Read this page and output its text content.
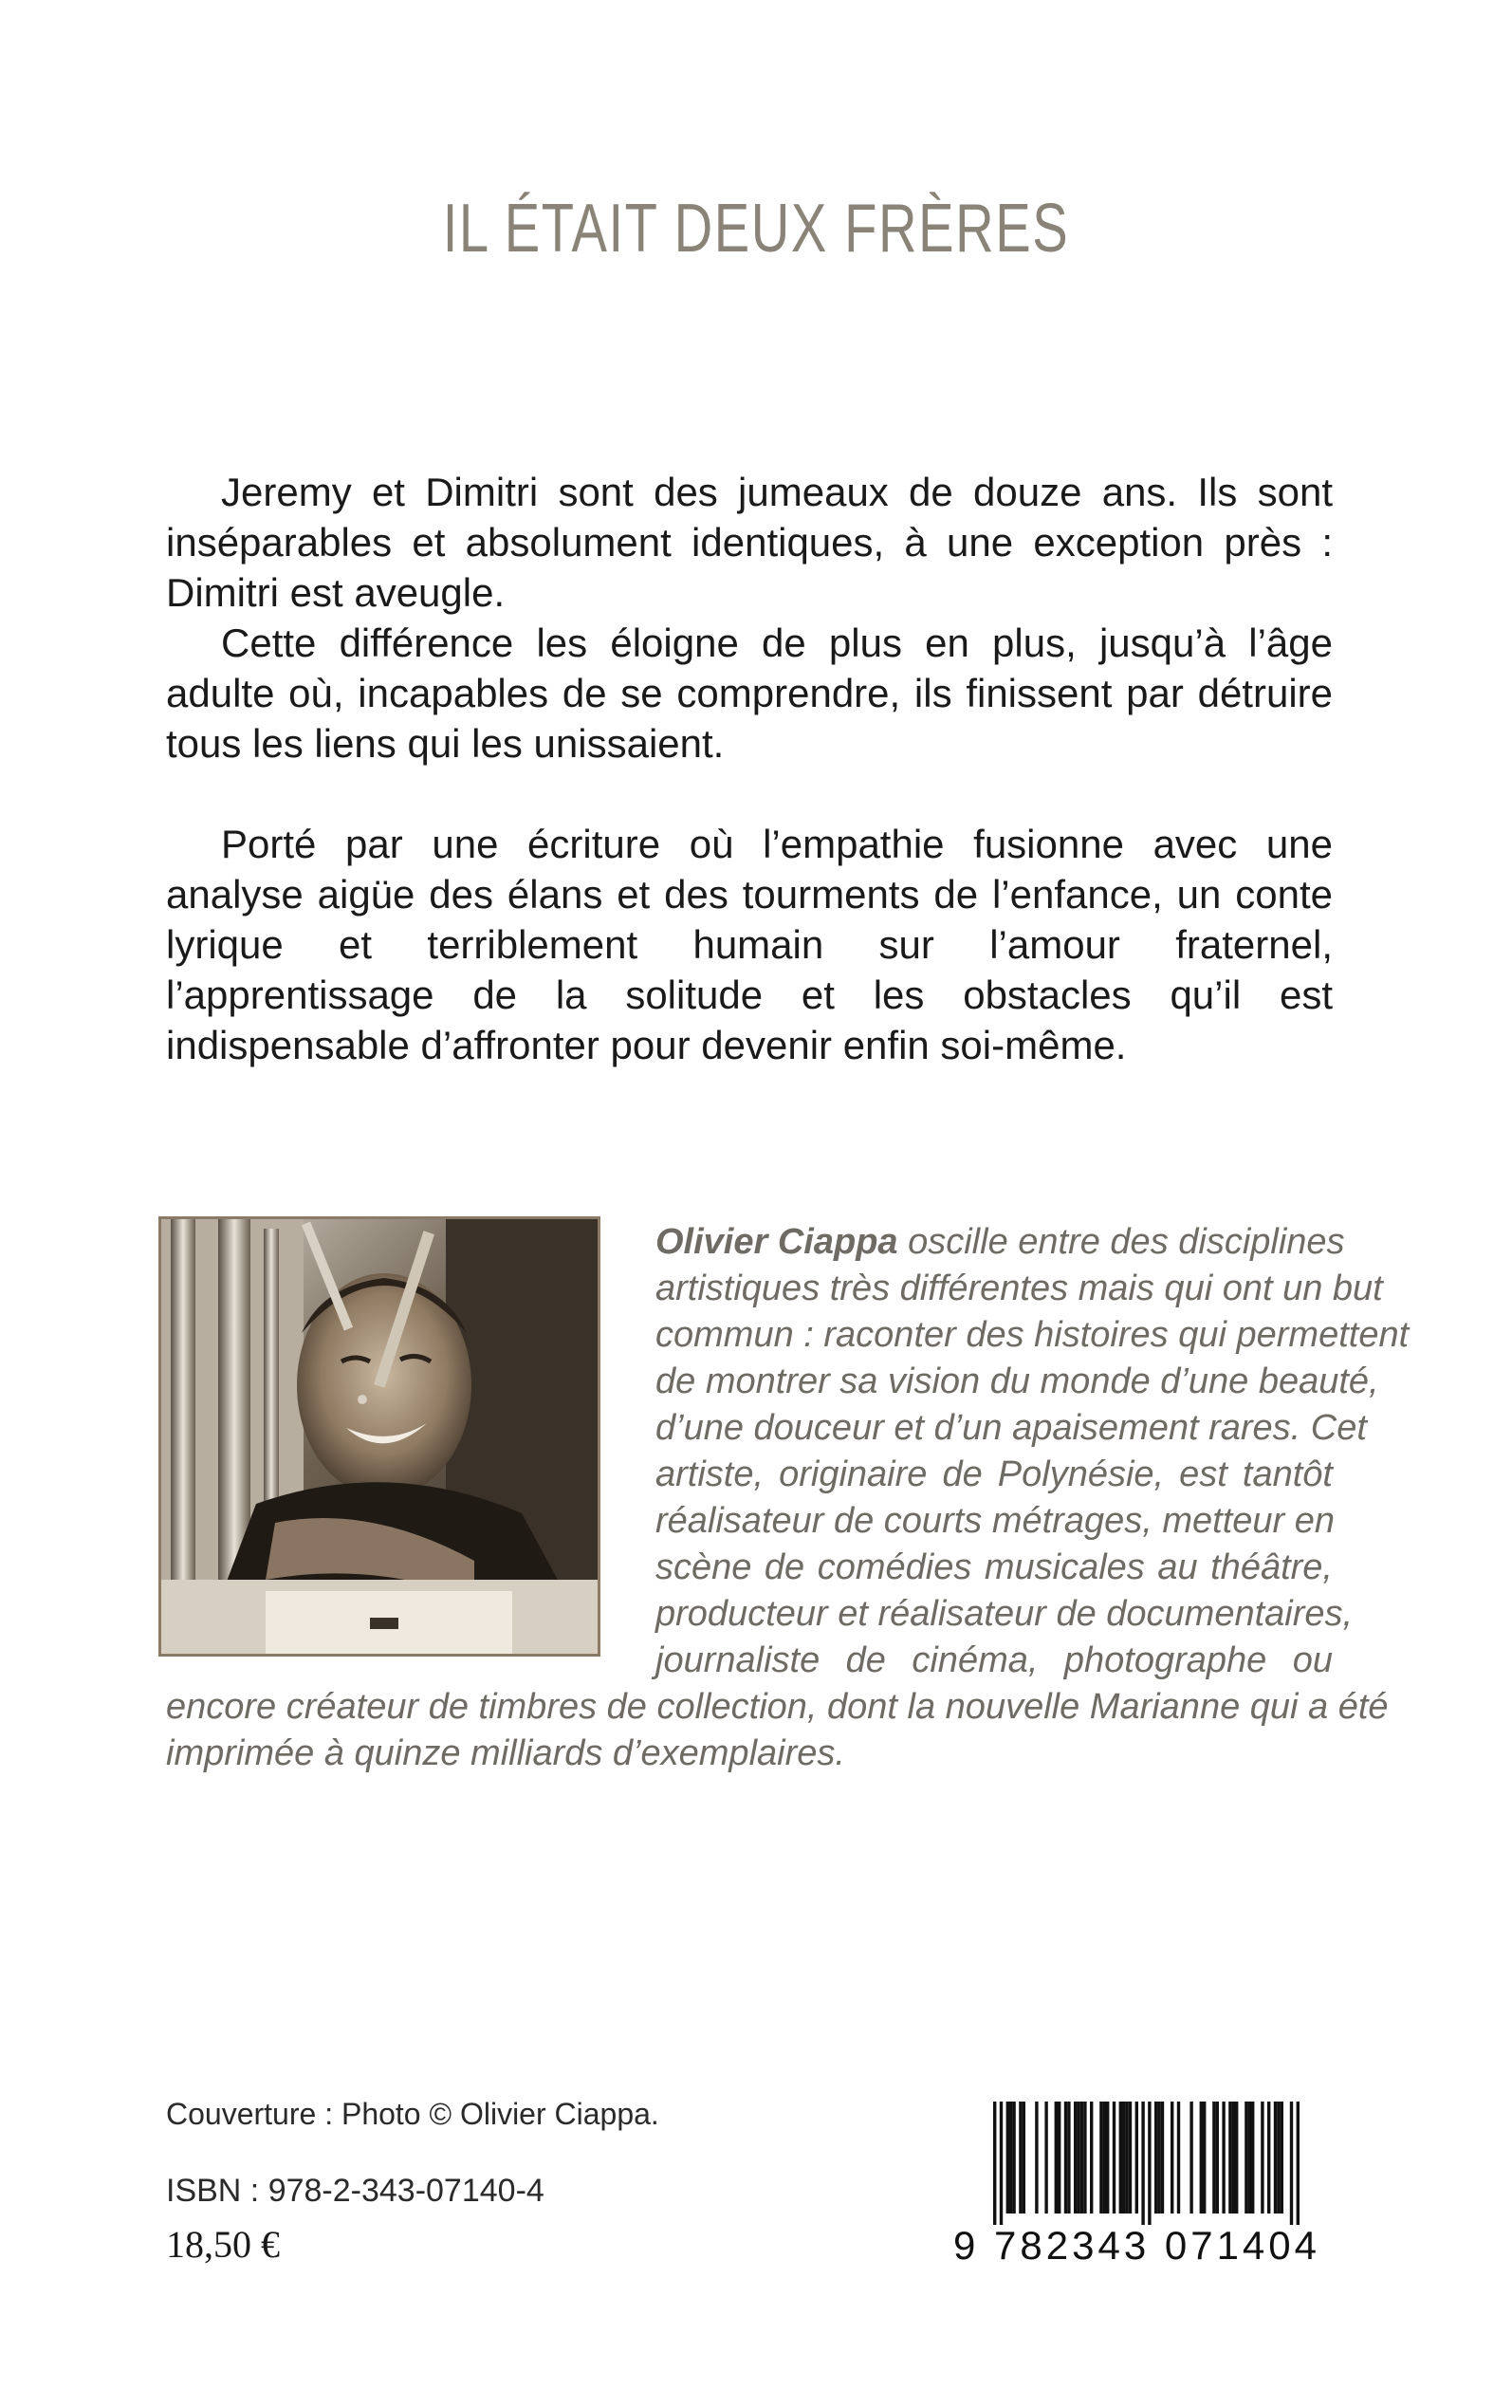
IL ÉTAIT DEUX FRÈRES

Jeremy et Dimitri sont des jumeaux de douze ans. Ils sont inséparables et absolument identiques, à une exception près : Dimitri est aveugle.

Cette différence les éloigne de plus en plus, jusqu’à l’âge adulte où, incapables de se comprendre, ils finissent par détruire tous les liens qui les unissaient.

Porté par une écriture où l’empathie fusionne avec une analyse aigüe des élans et des tourments de l’enfance, un conte lyrique et terriblement humain sur l’amour fraternel, l’apprentissage de la solitude et les obstacles qu’il est indispensable d’affronter pour devenir enfin soi-même.

Olivier Ciappa oscille entre des disciplines
artistiques très différentes mais qui ont un but
commun : raconter des histoires qui permettent
de montrer sa vision du monde d’une beauté,
d’une douceur et d’un apaisement rares. Cet
artiste, originaire de Polynésie, est tantôt
réalisateur de courts métrages, metteur en
scène de comédies musicales au théâtre,
producteur et réalisateur de documentaires,
journaliste de cinéma, photographe ou
encore créateur de timbres de collection, dont la nouvelle Marianne qui a été
imprimée à quinze milliards d’exemplaires.
Couverture : Photo © Olivier Ciappa.
ISBN : 978-2-343-07140-4
18,50 €	9 782343 071404
